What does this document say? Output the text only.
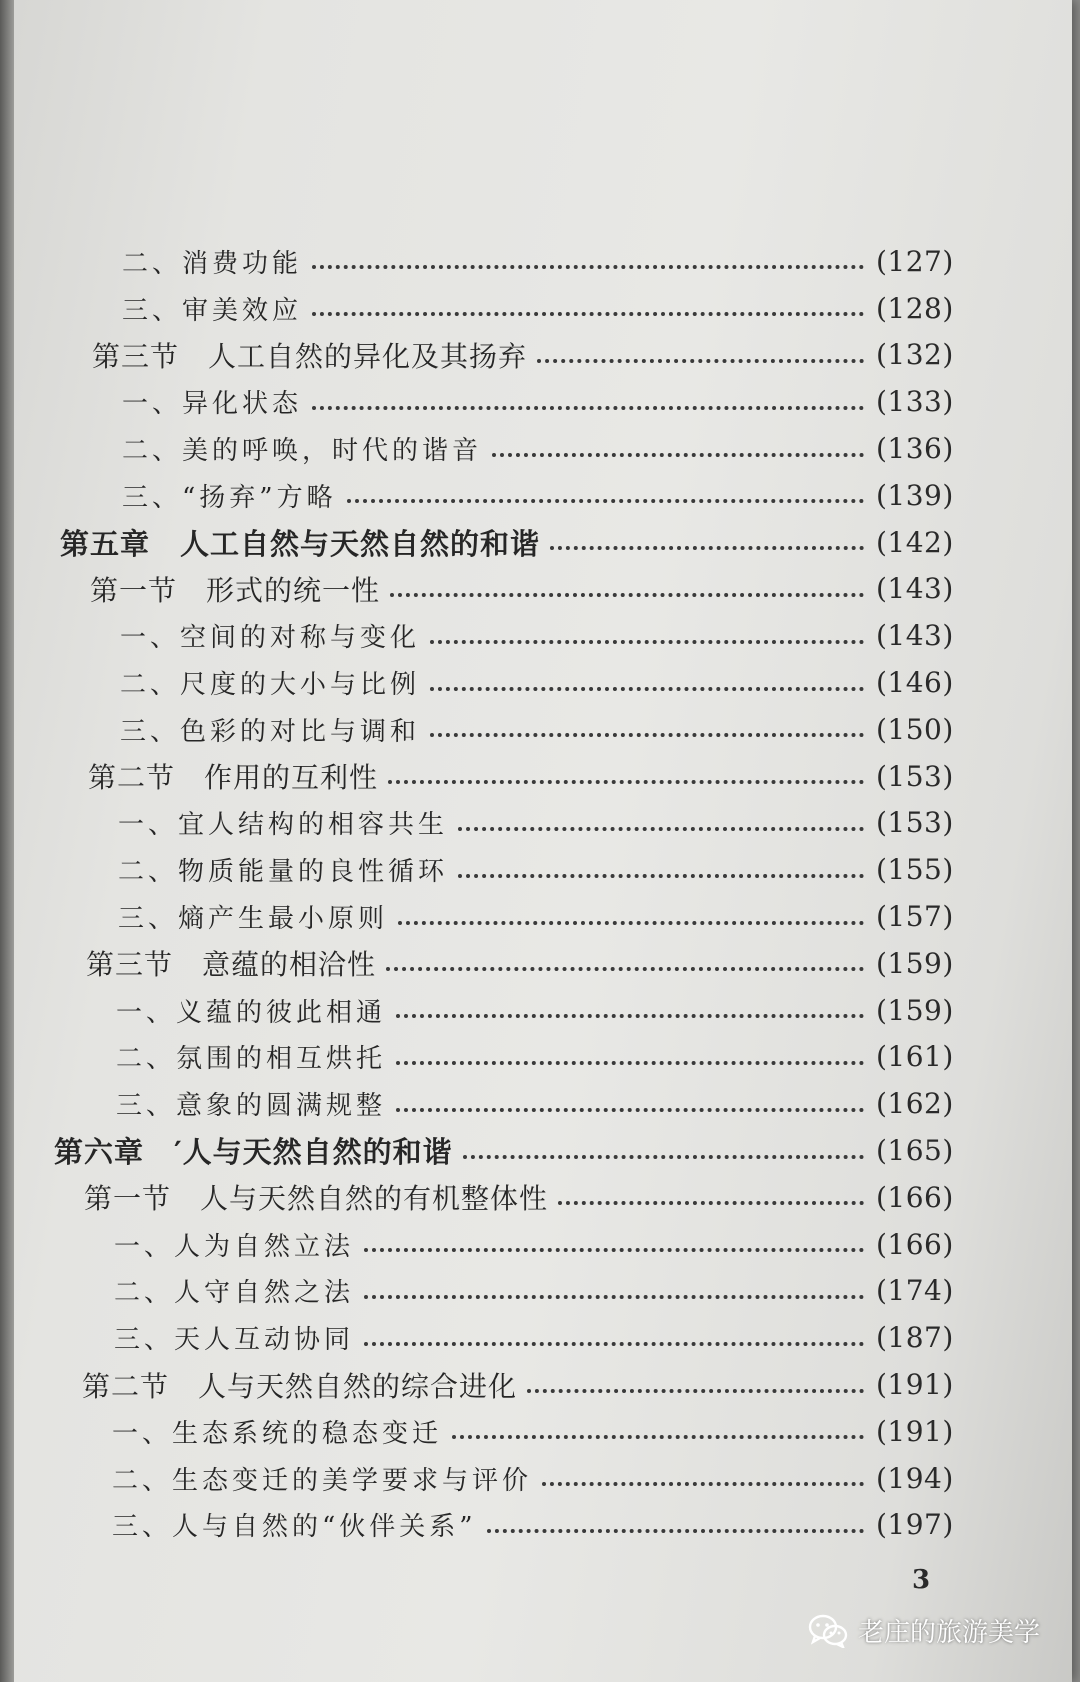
二、消费功能	(127)
三、审美效应	(128)
第三节　人工自然的异化及其扬弃	(132)
一、异化状态	(133)
二、美的呼唤，时代的谐音	(136)
三、“扬弃”方略	(139)
第五章　人工自然与天然自然的和谐	(142)
第一节　形式的统一性	(143)
一、空间的对称与变化	(143)
二、尺度的大小与比例	(146)
三、色彩的对比与调和	(150)
第二节　作用的互利性	(153)
一、宜人结构的相容共生	(153)
二、物质能量的良性循环	(155)
三、熵产生最小原则	(157)
第三节　意蕴的相洽性	(159)
一、义蕴的彼此相通	(159)
二、氛围的相互烘托	(161)
三、意象的圆满规整	(162)
第六章　′人与天然自然的和谐	(165)
第一节　人与天然自然的有机整体性	(166)
一、人为自然立法	(166)
二、人守自然之法	(174)
三、天人互动协同	(187)
第二节　人与天然自然的综合进化	(191)
一、生态系统的稳态变迁	(191)
二、生态变迁的美学要求与评价	(194)
三、人与自然的“伙伴关系”	(197)
3
老庄的旅游美学
